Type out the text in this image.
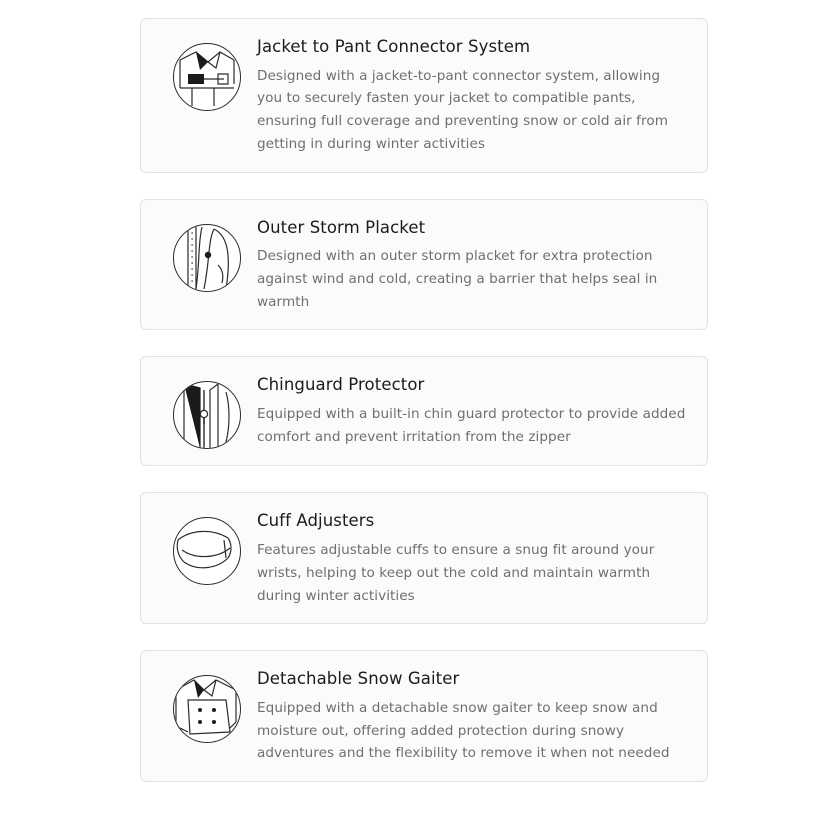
Jacket to Pant Connector System

Designed with a jacket-to-pant connector system, allowing you to securely fasten your jacket to compatible pants, ensuring full coverage and preventing snow or cold air from getting in during winter activities

Outer Storm Placket

Designed with an outer storm placket for extra protection against wind and cold, creating a barrier that helps seal in warmth

Chinguard Protector

Equipped with a built-in chin guard protector to provide added comfort and prevent irritation from the zipper

Cuff Adjusters

Features adjustable cuffs to ensure a snug fit around your wrists, helping to keep out the cold and maintain warmth during winter activities

Detachable Snow Gaiter

Equipped with a detachable snow gaiter to keep snow and moisture out, offering added protection during snowy adventures and the flexibility to remove it when not needed
